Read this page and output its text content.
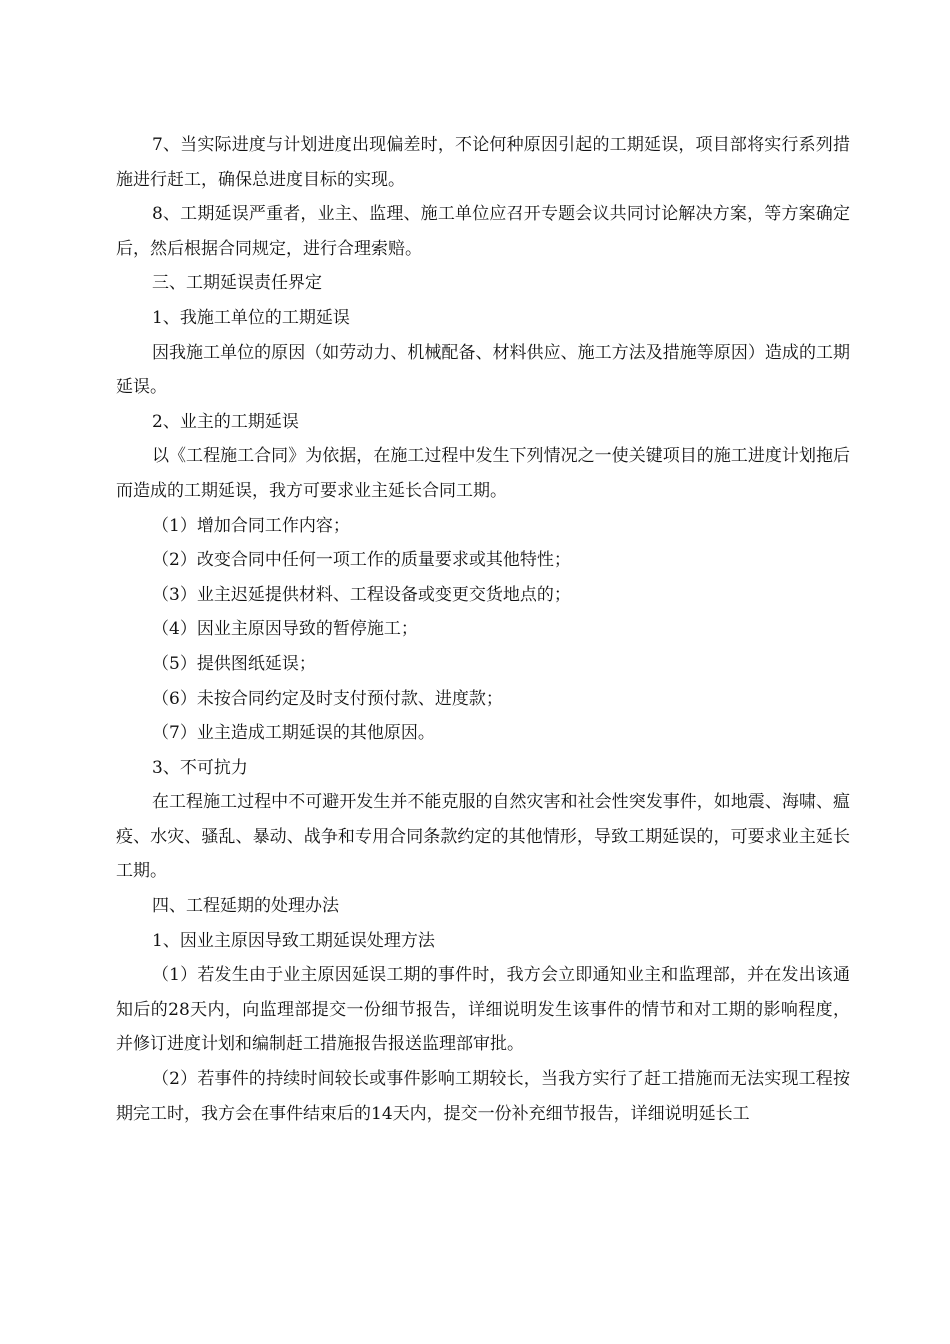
7、当实际进度与计划进度出现偏差时，不论何种原因引起的工期延误，项目部将实行系列措施进行赶工，确保总进度目标的实现。

8、工期延误严重者，业主、监理、施工单位应召开专题会议共同讨论解决方案，等方案确定后，然后根据合同规定，进行合理索赔。

三、工期延误责任界定

1、我施工单位的工期延误

因我施工单位的原因（如劳动力、机械配备、材料供应、施工方法及措施等原因）造成的工期延误。

2、业主的工期延误

以《工程施工合同》为依据，在施工过程中发生下列情况之一使关键项目的施工进度计划拖后而造成的工期延误，我方可要求业主延长合同工期。

（1）增加合同工作内容；

（2）改变合同中任何一项工作的质量要求或其他特性；

（3）业主迟延提供材料、工程设备或变更交货地点的；

（4）因业主原因导致的暂停施工；

（5）提供图纸延误；

（6）未按合同约定及时支付预付款、进度款；

（7）业主造成工期延误的其他原因。

3、不可抗力

在工程施工过程中不可避开发生并不能克服的自然灾害和社会性突发事件，如地震、海啸、瘟疫、水灾、骚乱、暴动、战争和专用合同条款约定的其他情形，导致工期延误的，可要求业主延长工期。

四、工程延期的处理办法

1、因业主原因导致工期延误处理方法

（1）若发生由于业主原因延误工期的事件时，我方会立即通知业主和监理部，并在发出该通知后的28天内，向监理部提交一份细节报告，详细说明发生该事件的情节和对工期的影响程度，并修订进度计划和编制赶工措施报告报送监理部审批。

（2）若事件的持续时间较长或事件影响工期较长，当我方实行了赶工措施而无法实现工程按期完工时，我方会在事件结束后的14天内，提交一份补充细节报告，详细说明延长工
